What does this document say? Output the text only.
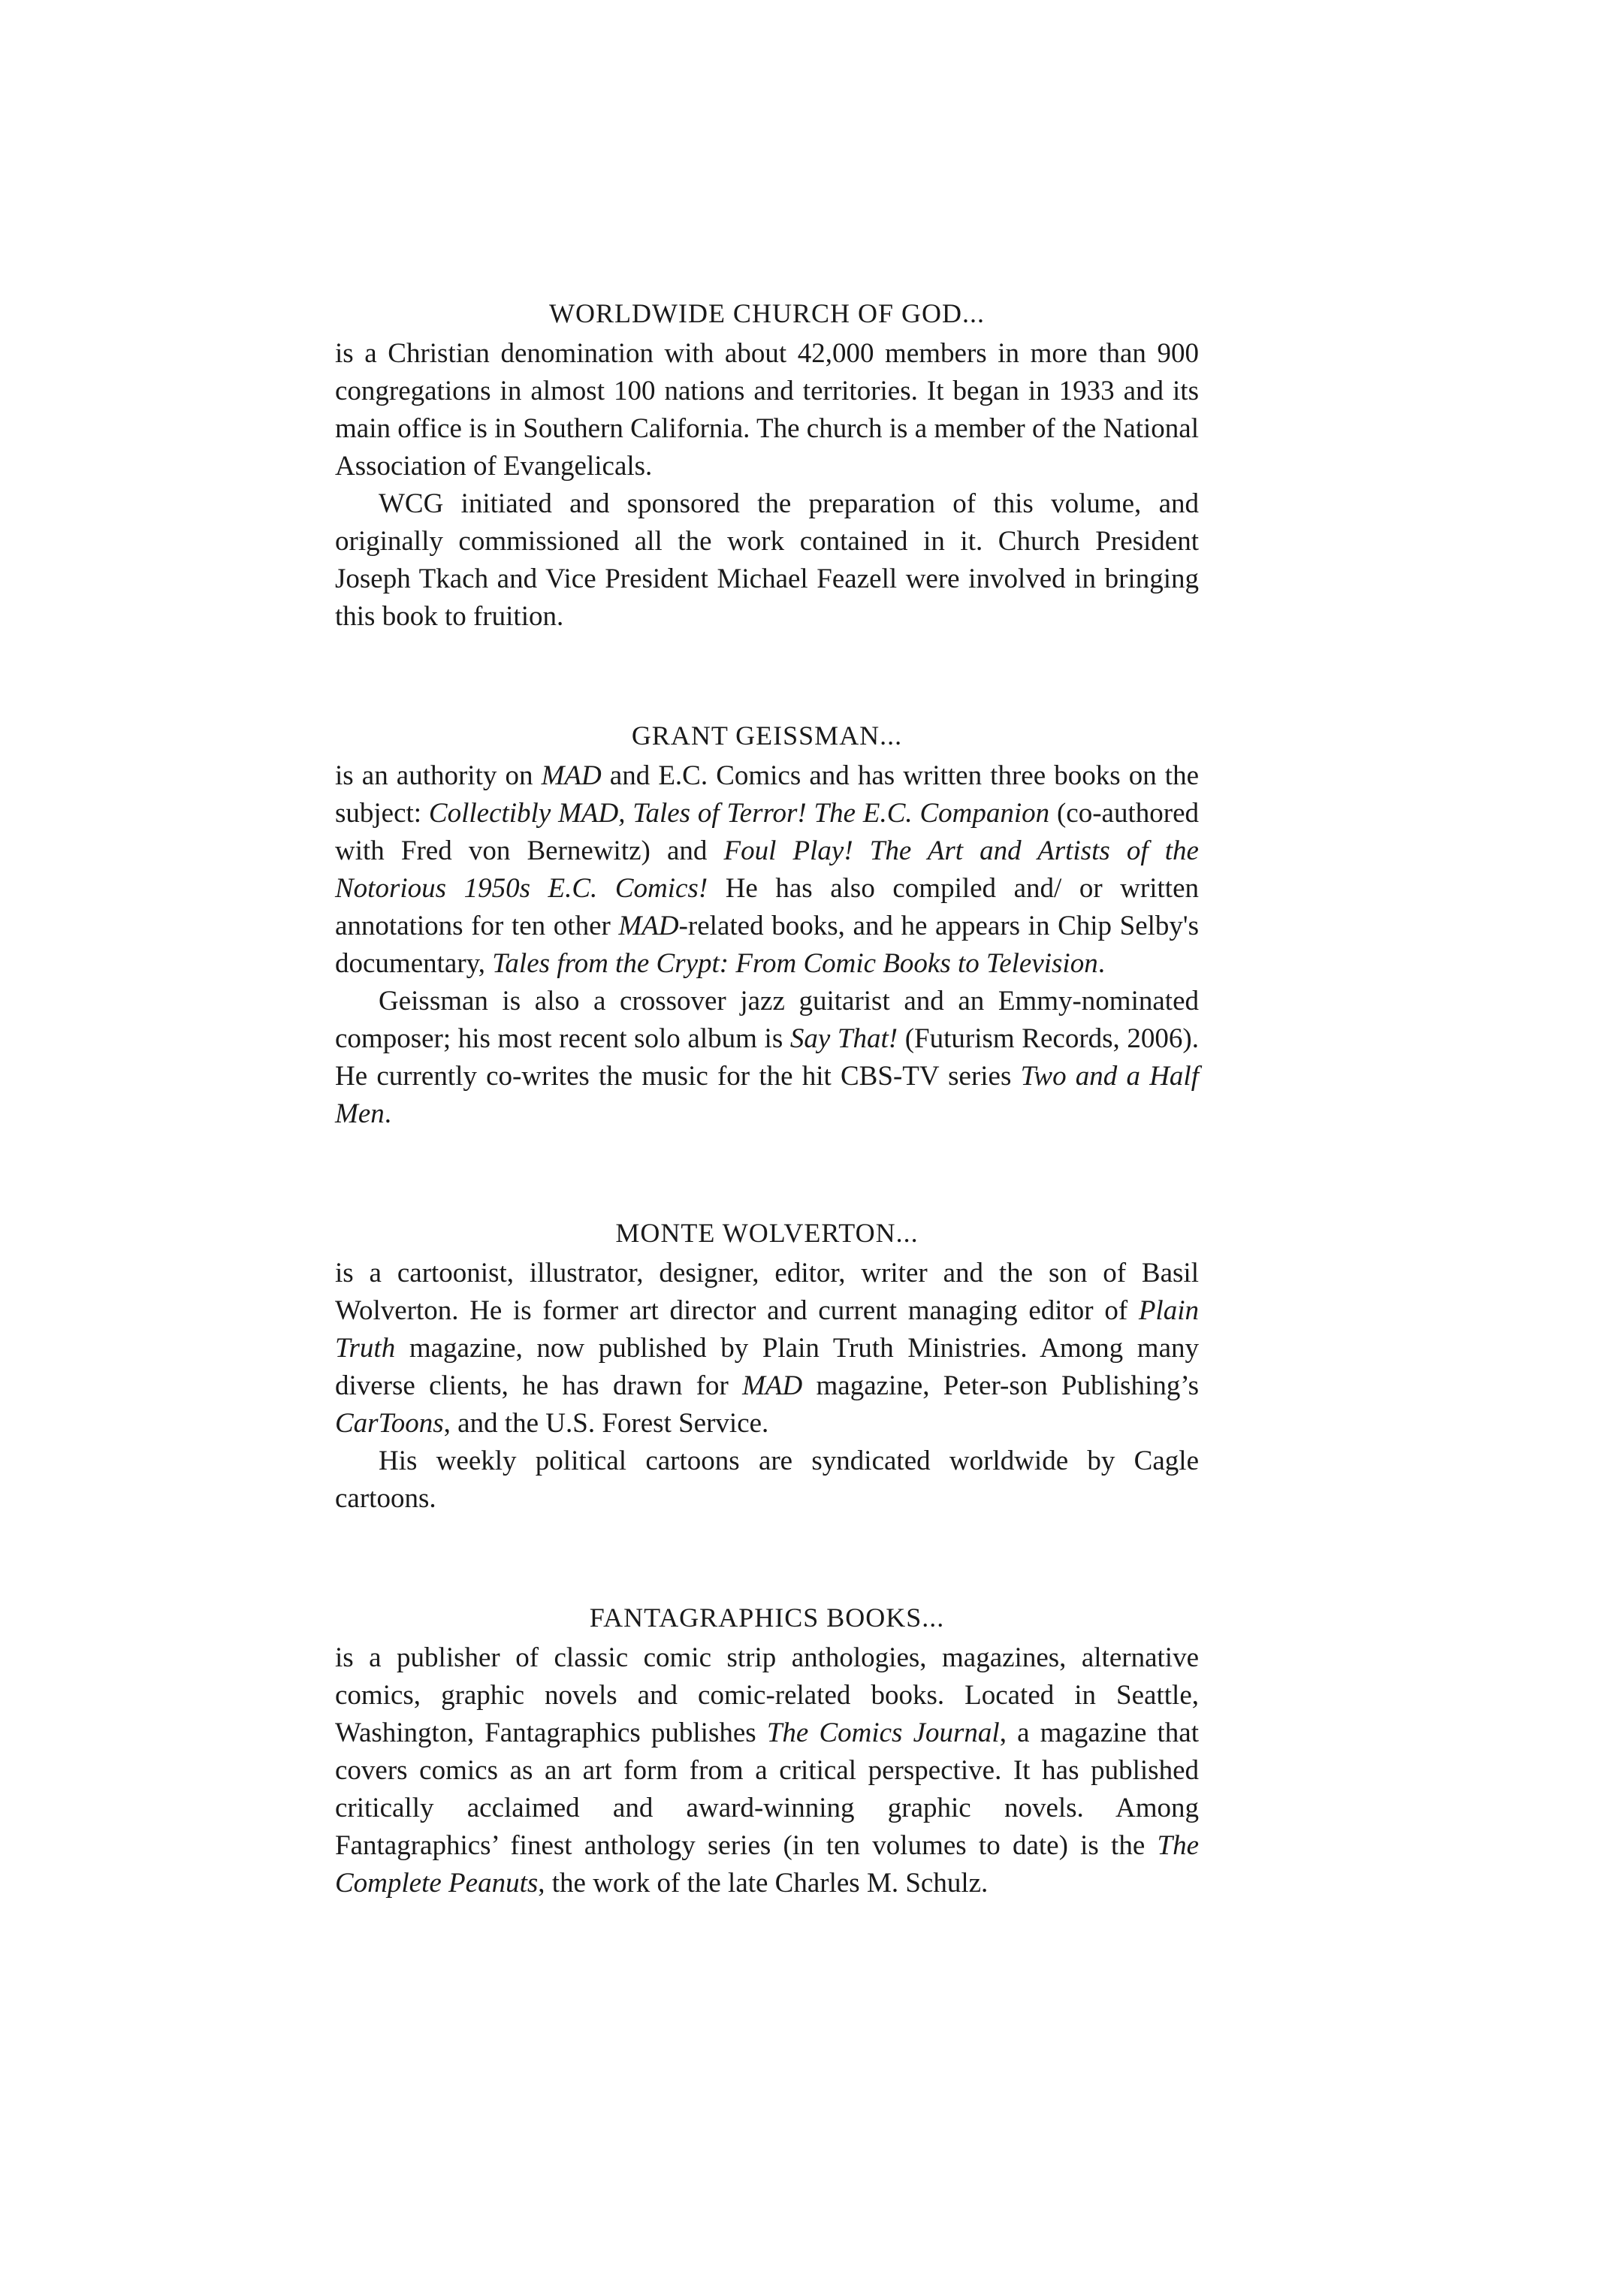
WORLDWIDE CHURCH OF GOD...

is a Christian denomination with about 42,000 members in more than 900 congregations in almost 100 nations and territories. It began in 1933 and its main office is in Southern California. The church is a member of the National Association of Evangelicals.

WCG initiated and sponsored the preparation of this volume, and originally commissioned all the work contained in it. Church President Joseph Tkach and Vice President Michael Feazell were involved in bringing this book to fruition.

GRANT GEISSMAN...

is an authority on MAD and E.C. Comics and has written three books on the subject: Collectibly MAD, Tales of Terror! The E.C. Companion (co-authored with Fred von Bernewitz) and Foul Play! The Art and Artists of the Notorious 1950s E.C. Comics! He has also compiled and/ or written annotations for ten other MAD-related books, and he appears in Chip Selby's documentary, Tales from the Crypt: From Comic Books to Television.

Geissman is also a crossover jazz guitarist and an Emmy-nominated composer; his most recent solo album is Say That! (Futurism Records, 2006). He currently co-writes the music for the hit CBS-TV series Two and a Half Men.

MONTE WOLVERTON...

is a cartoonist, illustrator, designer, editor, writer and the son of Basil Wolverton. He is former art director and current managing editor of Plain Truth magazine, now published by Plain Truth Ministries. Among many diverse clients, he has drawn for MAD magazine, Peter-son Publishing’s CarToons, and the U.S. Forest Service.

His weekly political cartoons are syndicated worldwide by Cagle cartoons.

FANTAGRAPHICS BOOKS...

is a publisher of classic comic strip anthologies, magazines, alternative comics, graphic novels and comic-related books. Located in Seattle, Washington, Fantagraphics publishes The Comics Journal, a magazine that covers comics as an art form from a critical perspective. It has published critically acclaimed and award-winning graphic novels. Among Fantagraphics’ finest anthology series (in ten volumes to date) is the The Complete Peanuts, the work of the late Charles M. Schulz.
